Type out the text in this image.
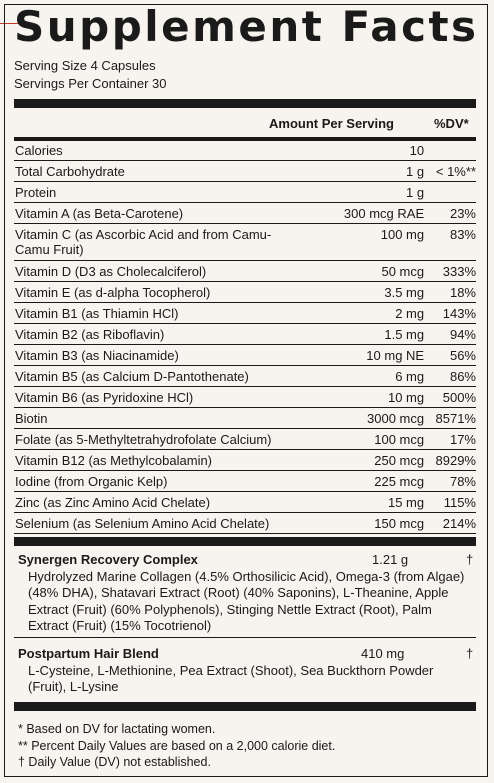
Supplement Facts
Serving Size 4 Capsules
Servings Per Container 30
Amount Per Serving	%DV*
Calories	10
Total Carbohydrate	1 g < 1%**
Protein	1 g
Vitamin A (as Beta-Carotene)	300 mcg RAE	23%
Vitamin C (as Ascorbic Acid and from Camu-Camu Fruit)
100 mg	83%
Vitamin D (D3 as Cholecalciferol)	50 mcg	333%
Vitamin E (as d-alpha Tocopherol)	3.5 mg	18%
Vitamin B1 (as Thiamin HCl)	2 mg	143%
Vitamin B2 (as Riboflavin)	1.5 mg	94%
Vitamin B3 (as Niacinamide)	10 mg NE	56%
Vitamin B5 (as Calcium D-Pantothenate)	6 mg	86%
Vitamin B6 (as Pyridoxine HCl)	10 mg	500%
Biotin	3000 mcg 8571%
Folate (as 5-Methyltetrahydrofolate Calcium)	100 mcg	17%
Vitamin B12 (as Methylcobalamin)	250 mcg 8929%
Iodine (from Organic Kelp)	225 mcg	78%
Zinc (as Zinc Amino Acid Chelate)	15 mg	115%
Selenium (as Selenium Amino Acid Chelate)	150 mcg	214%
Synergen Recovery Complex	1.21 g	†
Hydrolyzed Marine Collagen (4.5% Orthosilicic Acid), Omega-3 (from Algae) (48% DHA), Shatavari Extract (Root) (40% Saponins), L-Theanine, Apple Extract (Fruit) (60% Polyphenols), Stinging Nettle Extract (Root), Palm Extract (Fruit) (15% Tocotrienol)
Postpartum Hair Blend	410 mg	†
L-Cysteine, L-Methionine, Pea Extract (Shoot), Sea Buckthorn Powder (Fruit), L-Lysine
* Based on DV for lactating women.
** Percent Daily Values are based on a 2,000 calorie diet.
† Daily Value (DV) not established.
